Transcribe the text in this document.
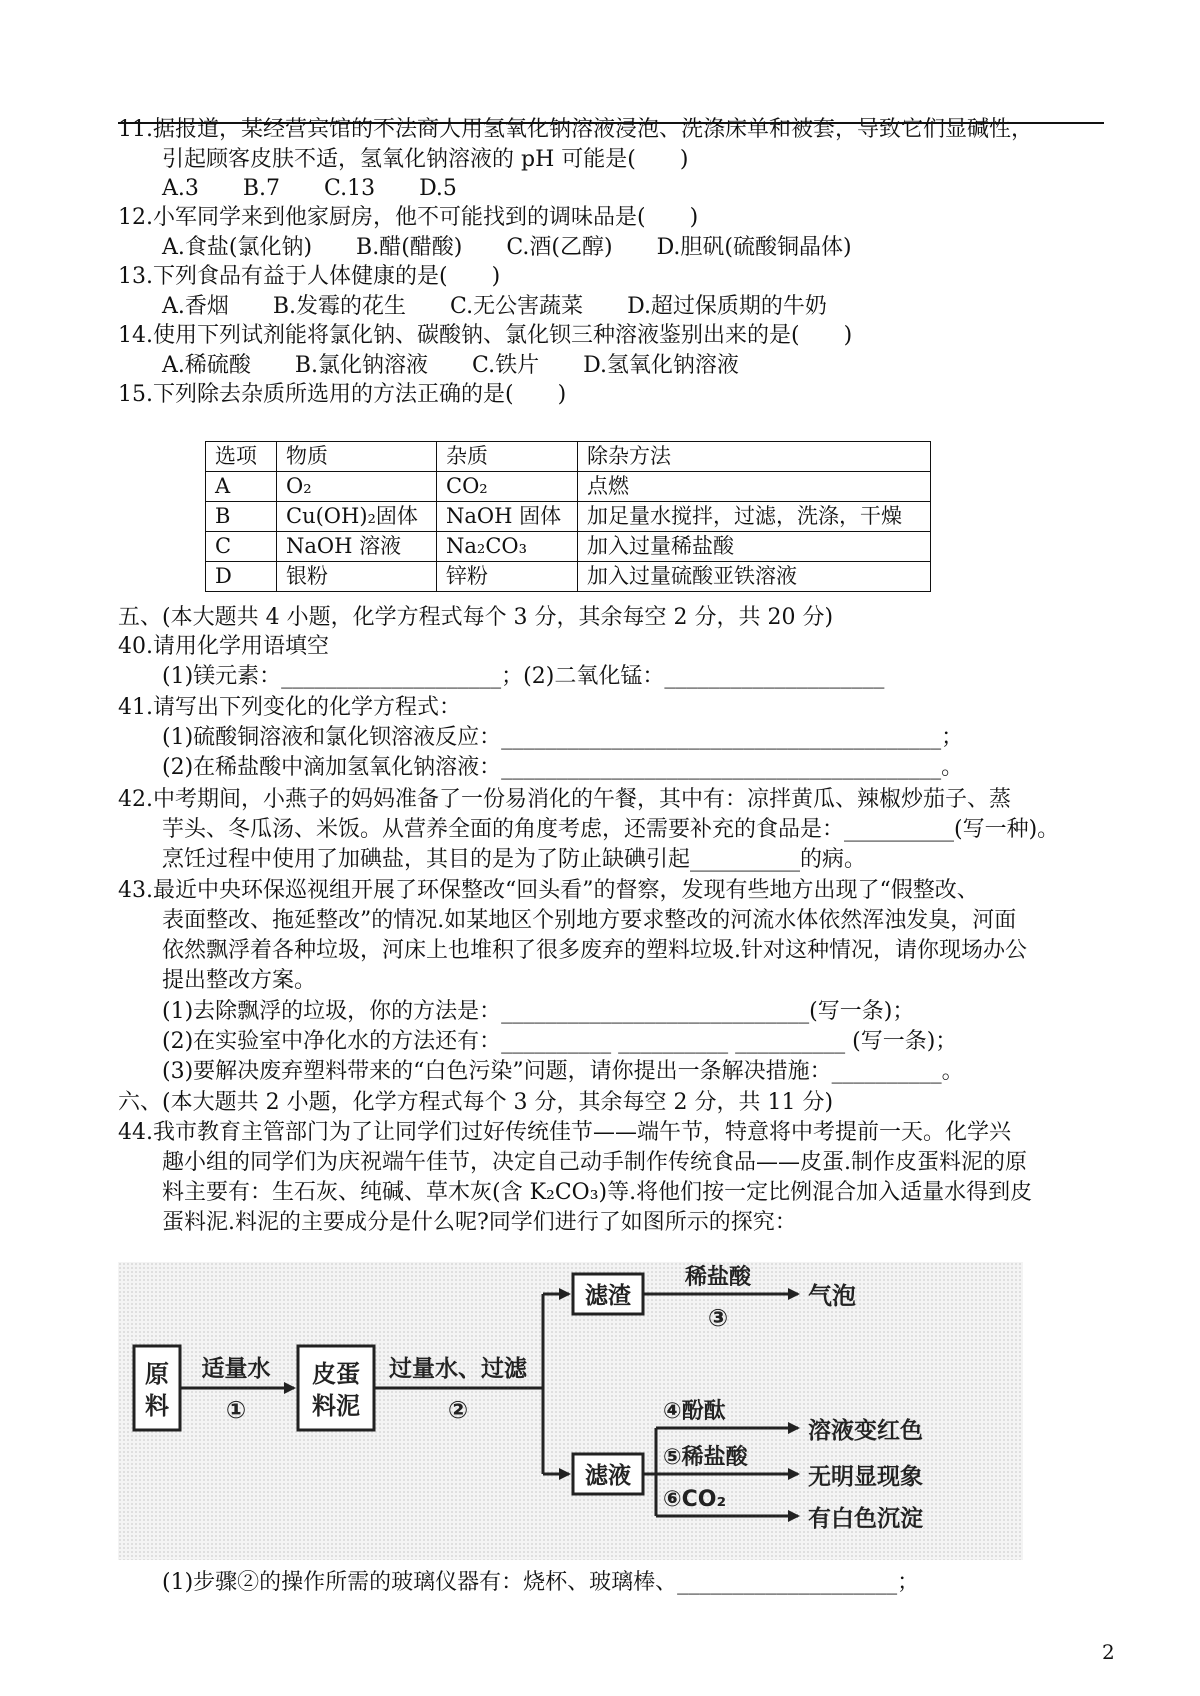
11.据报道，某经营宾馆的不法商人用氢氧化钠溶液浸泡、洗涤床单和被套，导致它们显碱性，
引起顾客皮肤不适，氢氧化钠溶液的 pH 可能是(　　)
A.3　　B.7　　C.13　　D.5
12.小军同学来到他家厨房，他不可能找到的调味品是(　　)
A.食盐(氯化钠)　　B.醋(醋酸)　　C.酒(乙醇)　　D.胆矾(硫酸铜晶体)
13.下列食品有益于人体健康的是(　　)
A.香烟　　B.发霉的花生　　C.无公害蔬菜　　D.超过保质期的牛奶
14.使用下列试剂能将氯化钠、碳酸钠、氯化钡三种溶液鉴别出来的是(　　)
A.稀硫酸　　B.氯化钠溶液　　C.铁片　　D.氢氧化钠溶液
15.下列除去杂质所选用的方法正确的是(　　)
选项	物质	杂质	除杂方法
A	O₂	CO₂	点燃
B	Cu(OH)₂固体	NaOH 固体	加足量水搅拌，过滤，洗涤，干燥
C	NaOH 溶液	Na₂CO₃	加入过量稀盐酸
D	银粉	锌粉	加入过量硫酸亚铁溶液
五、(本大题共 4 小题，化学方程式每个 3 分，其余每空 2 分，共 20 分)
40.请用化学用语填空
(1)镁元素：____________________；(2)二氧化锰：____________________
41.请写出下列变化的化学方程式：
(1)硫酸铜溶液和氯化钡溶液反应：________________________________________；
(2)在稀盐酸中滴加氢氧化钠溶液：________________________________________。
42.中考期间，小燕子的妈妈准备了一份易消化的午餐，其中有：凉拌黄瓜、辣椒炒茄子、蒸
芋头、冬瓜汤、米饭。从营养全面的角度考虑，还需要补充的食品是：__________(写一种)。
烹饪过程中使用了加碘盐，其目的是为了防止缺碘引起__________的病。
43.最近中央环保巡视组开展了环保整改“回头看”的督察，发现有些地方出现了“假整改、
表面整改、拖延整改”的情况.如某地区个别地方要求整改的河流水体依然浑浊发臭，河面
依然飘浮着各种垃圾，河床上也堆积了很多废弃的塑料垃圾.针对这种情况，请你现场办公
提出整改方案。
(1)去除飘浮的垃圾，你的方法是：____________________________(写一条)；
(2)在实验室中净化水的方法还有：__________ __________ __________ (写一条)；
(3)要解决废弃塑料带来的“白色污染”问题，请你提出一条解决措施：__________。
六、(本大题共 2 小题，化学方程式每个 3 分，其余每空 2 分，共 11 分)
44.我市教育主管部门为了让同学们过好传统佳节——端午节，特意将中考提前一天。化学兴
趣小组的同学们为庆祝端午佳节，决定自己动手制作传统食品——皮蛋.制作皮蛋料泥的原
料主要有：生石灰、纯碱、草木灰(含 K₂CO₃)等.将他们按一定比例混合加入适量水得到皮
蛋料泥.料泥的主要成分是什么呢?同学们进行了如图所示的探究：
原
料
皮蛋
料泥
适量水
①
过量水、过滤
②
滤渣
滤液
稀盐酸
③
气泡
④酚酞
溶液变红色
⑤稀盐酸
无明显现象
⑥CO₂
有白色沉淀
(1)步骤②的操作所需的玻璃仪器有：烧杯、玻璃棒、____________________；
2
